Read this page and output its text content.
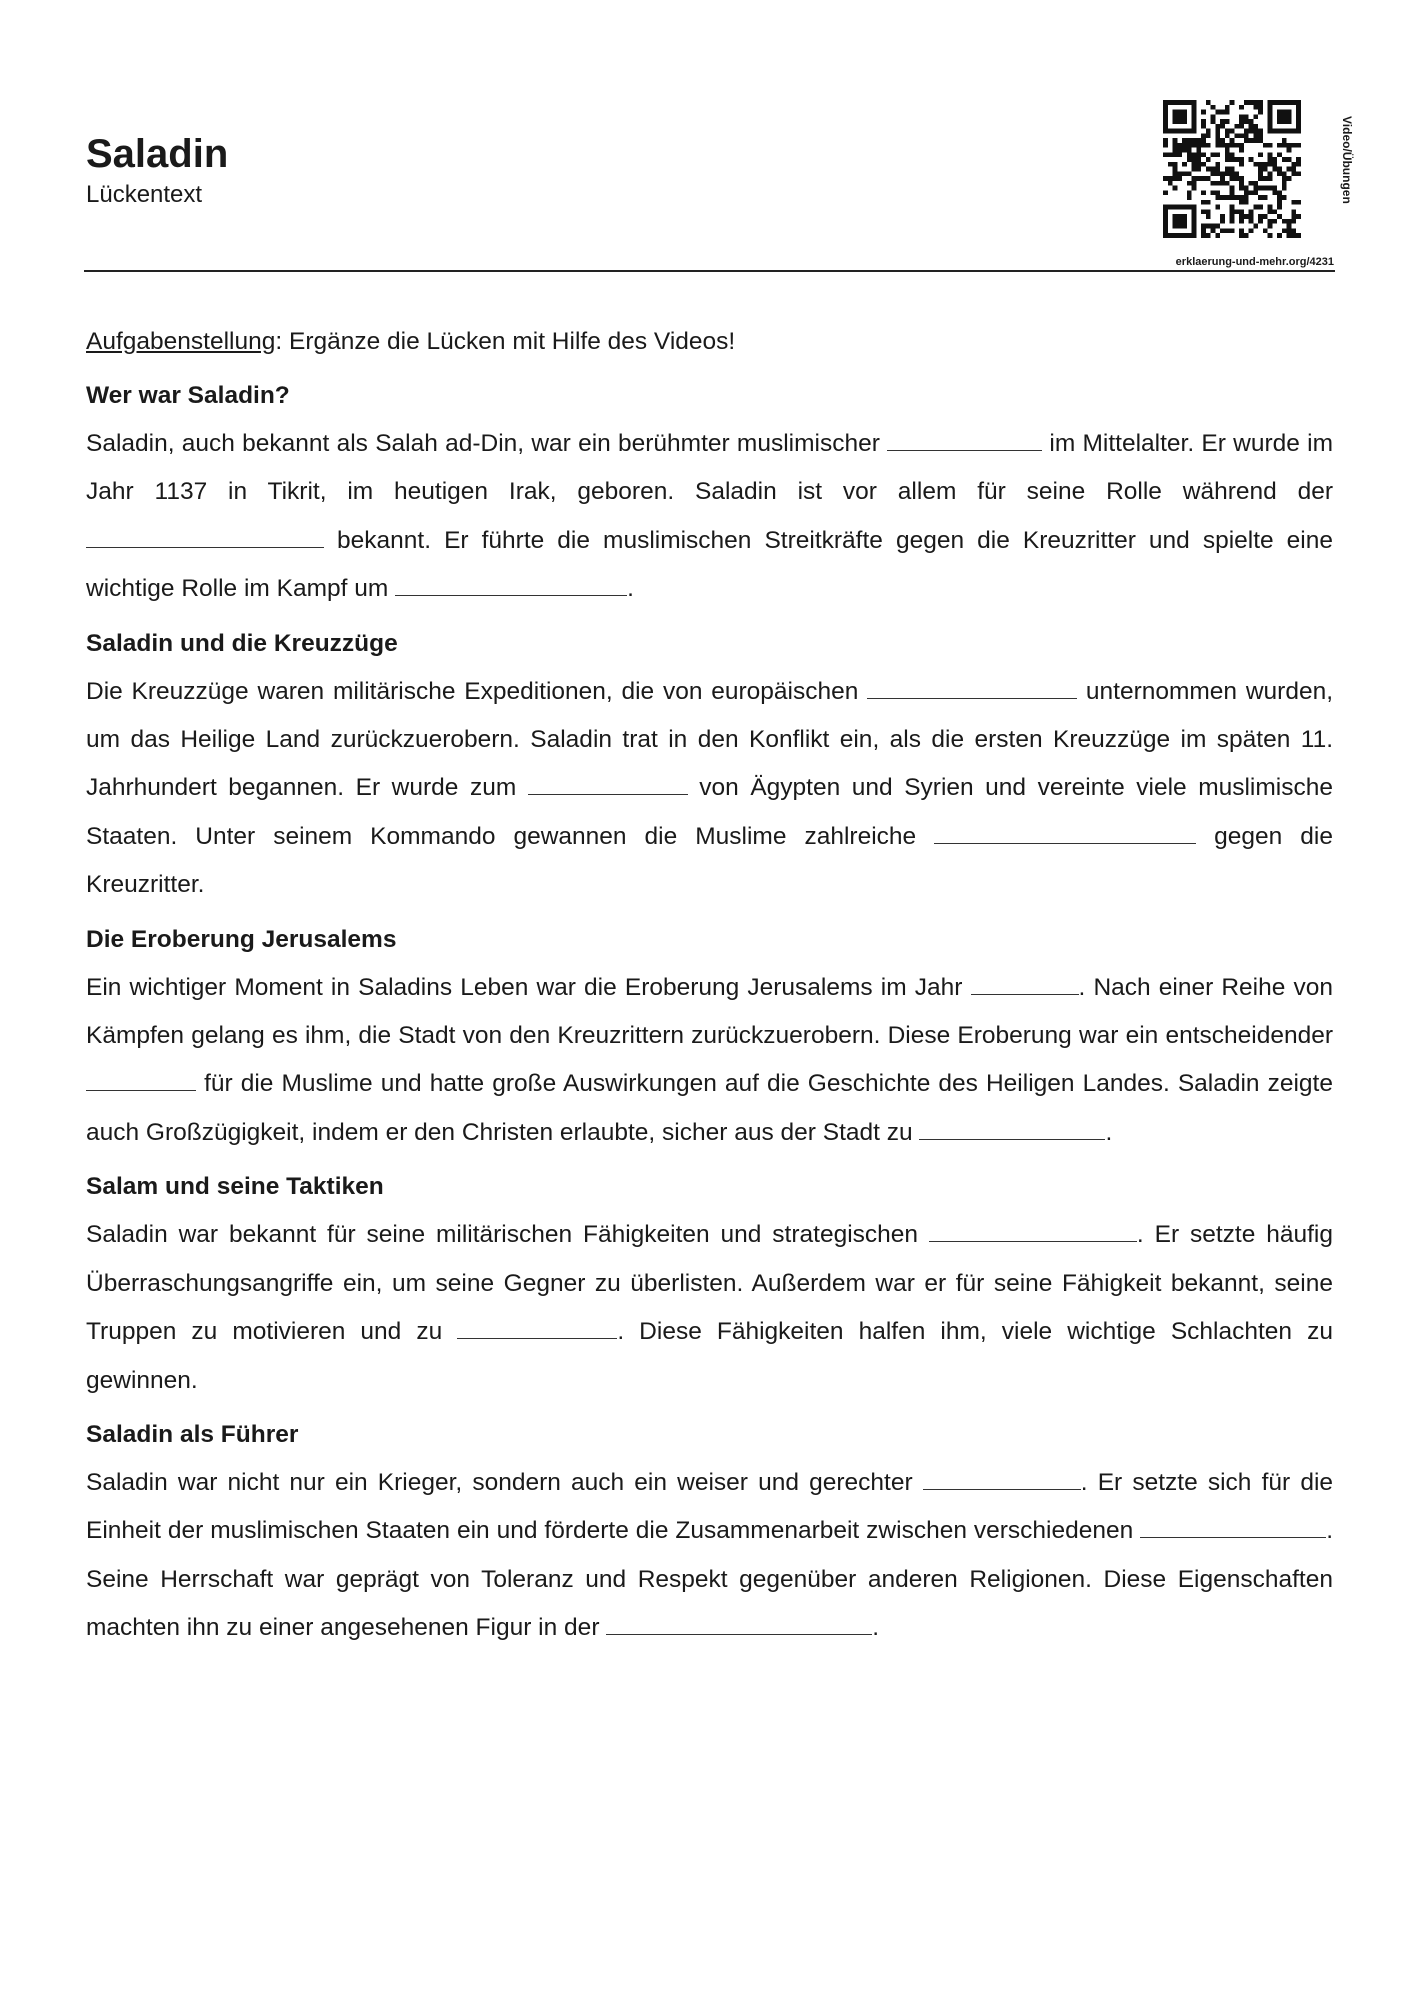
Saladin
Lückentext	Video/Übungen
erklaerung-und-mehr.org/4231
Aufgabenstellung: Ergänze die Lücken mit Hilfe des Videos!
Wer war Saladin?

Saladin, auch bekannt als Salah ad-Din, war ein berühmter muslimischer	im Mittelalter. Er wurde im Jahr 1137 in Tikrit, im heutigen Irak, geboren. Saladin ist vor allem für seine Rolle während der  bekannt. Er führte die muslimischen Streitkräfte gegen die Kreuzritter und spielte eine wichtige Rolle im Kampf um	.

Saladin und die Kreuzzüge

Die Kreuzzüge waren militärische Expeditionen, die von europäischen	unternommen wurden, um das Heilige Land zurückzuerobern. Saladin trat in den Konflikt ein, als die ersten Kreuzzüge im späten 11. Jahrhundert begannen. Er wurde zum	von Ägypten und Syrien und vereinte viele muslimische Staaten. Unter seinem Kommando gewannen die Muslime zahlreiche	gegen die Kreuzritter.

Die Eroberung Jerusalems

Ein wichtiger Moment in Saladins Leben war die Eroberung Jerusalems im Jahr	. Nach einer Reihe von Kämpfen gelang es ihm, die Stadt von den Kreuzrittern zurückzuerobern. Diese Eroberung war ein entscheidender  für die Muslime und hatte große Auswirkungen auf die Geschichte des Heiligen Landes. Saladin zeigte auch Großzügigkeit, indem er den Christen erlaubte, sicher aus der Stadt zu	.

Salam und seine Taktiken

Saladin war bekannt für seine militärischen Fähigkeiten und strategischen	. Er setzte häufig Überraschungsangriffe ein, um seine Gegner zu überlisten. Außerdem war er für seine Fähigkeit bekannt, seine Truppen zu motivieren und zu	. Diese Fähigkeiten halfen ihm, viele wichtige Schlachten zu gewinnen.

Saladin als Führer

Saladin war nicht nur ein Krieger, sondern auch ein weiser und gerechter	. Er setzte sich für die Einheit der muslimischen Staaten ein und förderte die Zusammenarbeit zwischen verschiedenen	. Seine Herrschaft war geprägt von Toleranz und Respekt gegenüber anderen Religionen. Diese Eigenschaften machten ihn zu einer angesehenen Figur in der	.
